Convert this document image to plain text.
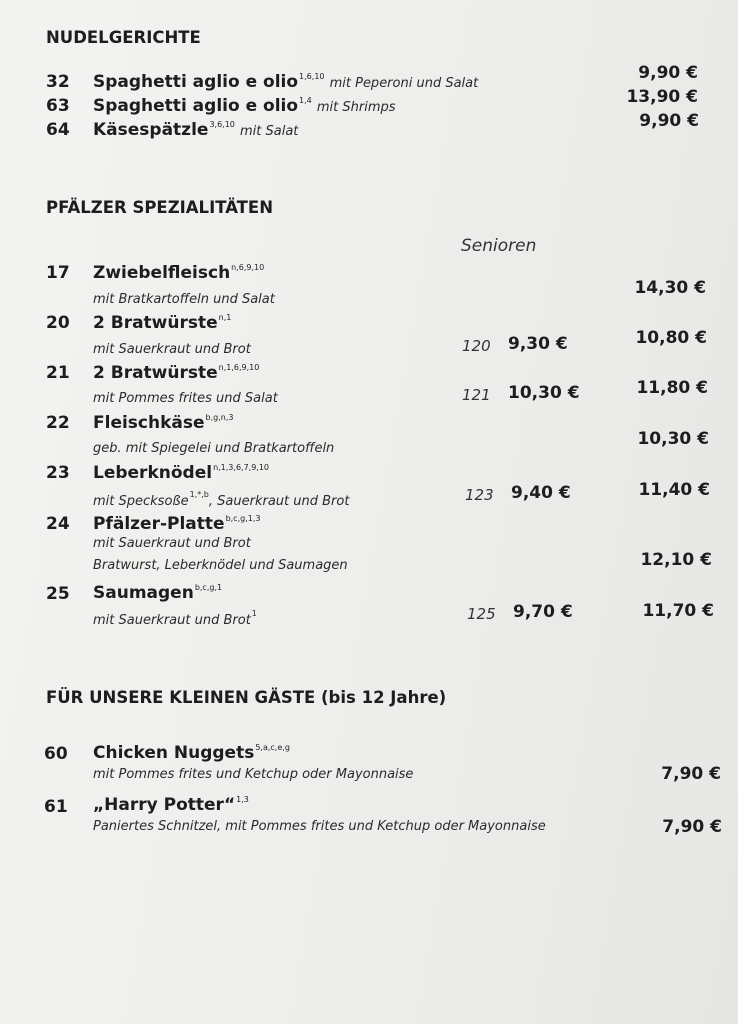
NUDELGERICHTE
32 Spaghetti aglio e olio$^{1,6,10}$ mit Peperoni und Salat
9,90 €
63 Spaghetti aglio e olio$^{1,4}$ mit Shrimps
13,90 €
64 Käsespätzle$^{3,6,10}$ mit Salat
9,90 €
PFÄLZER SPEZIALITÄTEN
Senioren
17 Zwiebelfleisch$^{n,6,9,10}$
mit Bratkartoffeln und Salat
14,30 €
20 2 Bratwürste$^{n,1}$
mit Sauerkraut und Brot	120 9,30 €	10,80 €
21 2 Bratwürste$^{n,1,6,9,10}$
mit Pommes frites und Salat	121 10,30 €	11,80 €
22 Fleischkäse$^{b,g,n,3}$
geb. mit Spiegelei und Bratkartoffeln	10,30 €
23 Leberknödel$^{n,1,3,6,7,9,10}$
mit Specksoße$^{1,*,b}$, Sauerkraut und Brot	123 9,40 €	11,40 €
24 Pfälzer-Platte$^{b,c,g,1,3}$
mit Sauerkraut und Brot
Bratwurst, Leberknödel und Saumagen	12,10 €
25 Saumagen$^{b,c,g,1}$
mit Sauerkraut und Brot$^1$	125 9,70 €	11,70 €
FÜR UNSERE KLEINEN GÄSTE (bis 12 Jahre)
60 Chicken Nuggets$^{5,a,c,e,g}$
mit Pommes frites und Ketchup oder Mayonnaise	7,90 €
61 „Harry Potter“$^{1,3}$
Paniertes Schnitzel, mit Pommes frites und Ketchup oder Mayonnaise	7,90 €
